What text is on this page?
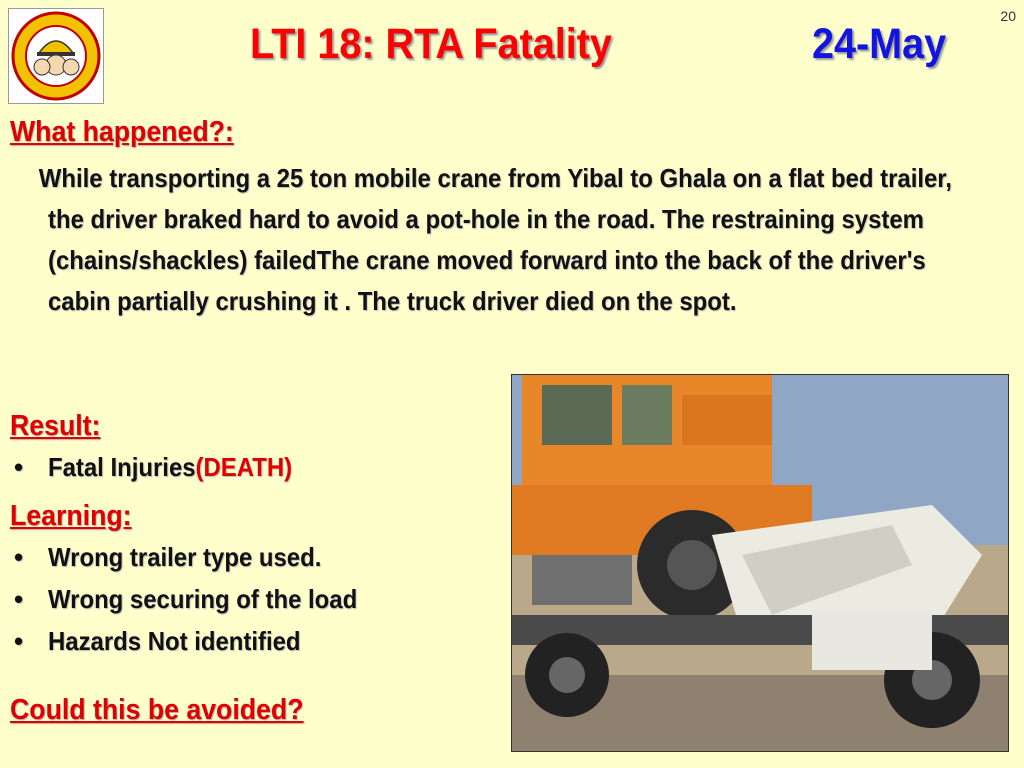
20
LTI 18: RTA Fatality	24-May
What happened?:
While transporting a 25 ton mobile crane from Yibal to Ghala on a flat bed trailer, the driver braked hard to avoid a pot-hole in the road. The restraining system (chains/shackles) failedThe crane moved forward into the back of the driver's cabin partially crushing it . The truck driver died on the spot.
Result:
• Fatal Injuries(DEATH)
Learning:
• Wrong trailer type used.
• Wrong securing of the load
• Hazards Not identified
Could this be avoided?
